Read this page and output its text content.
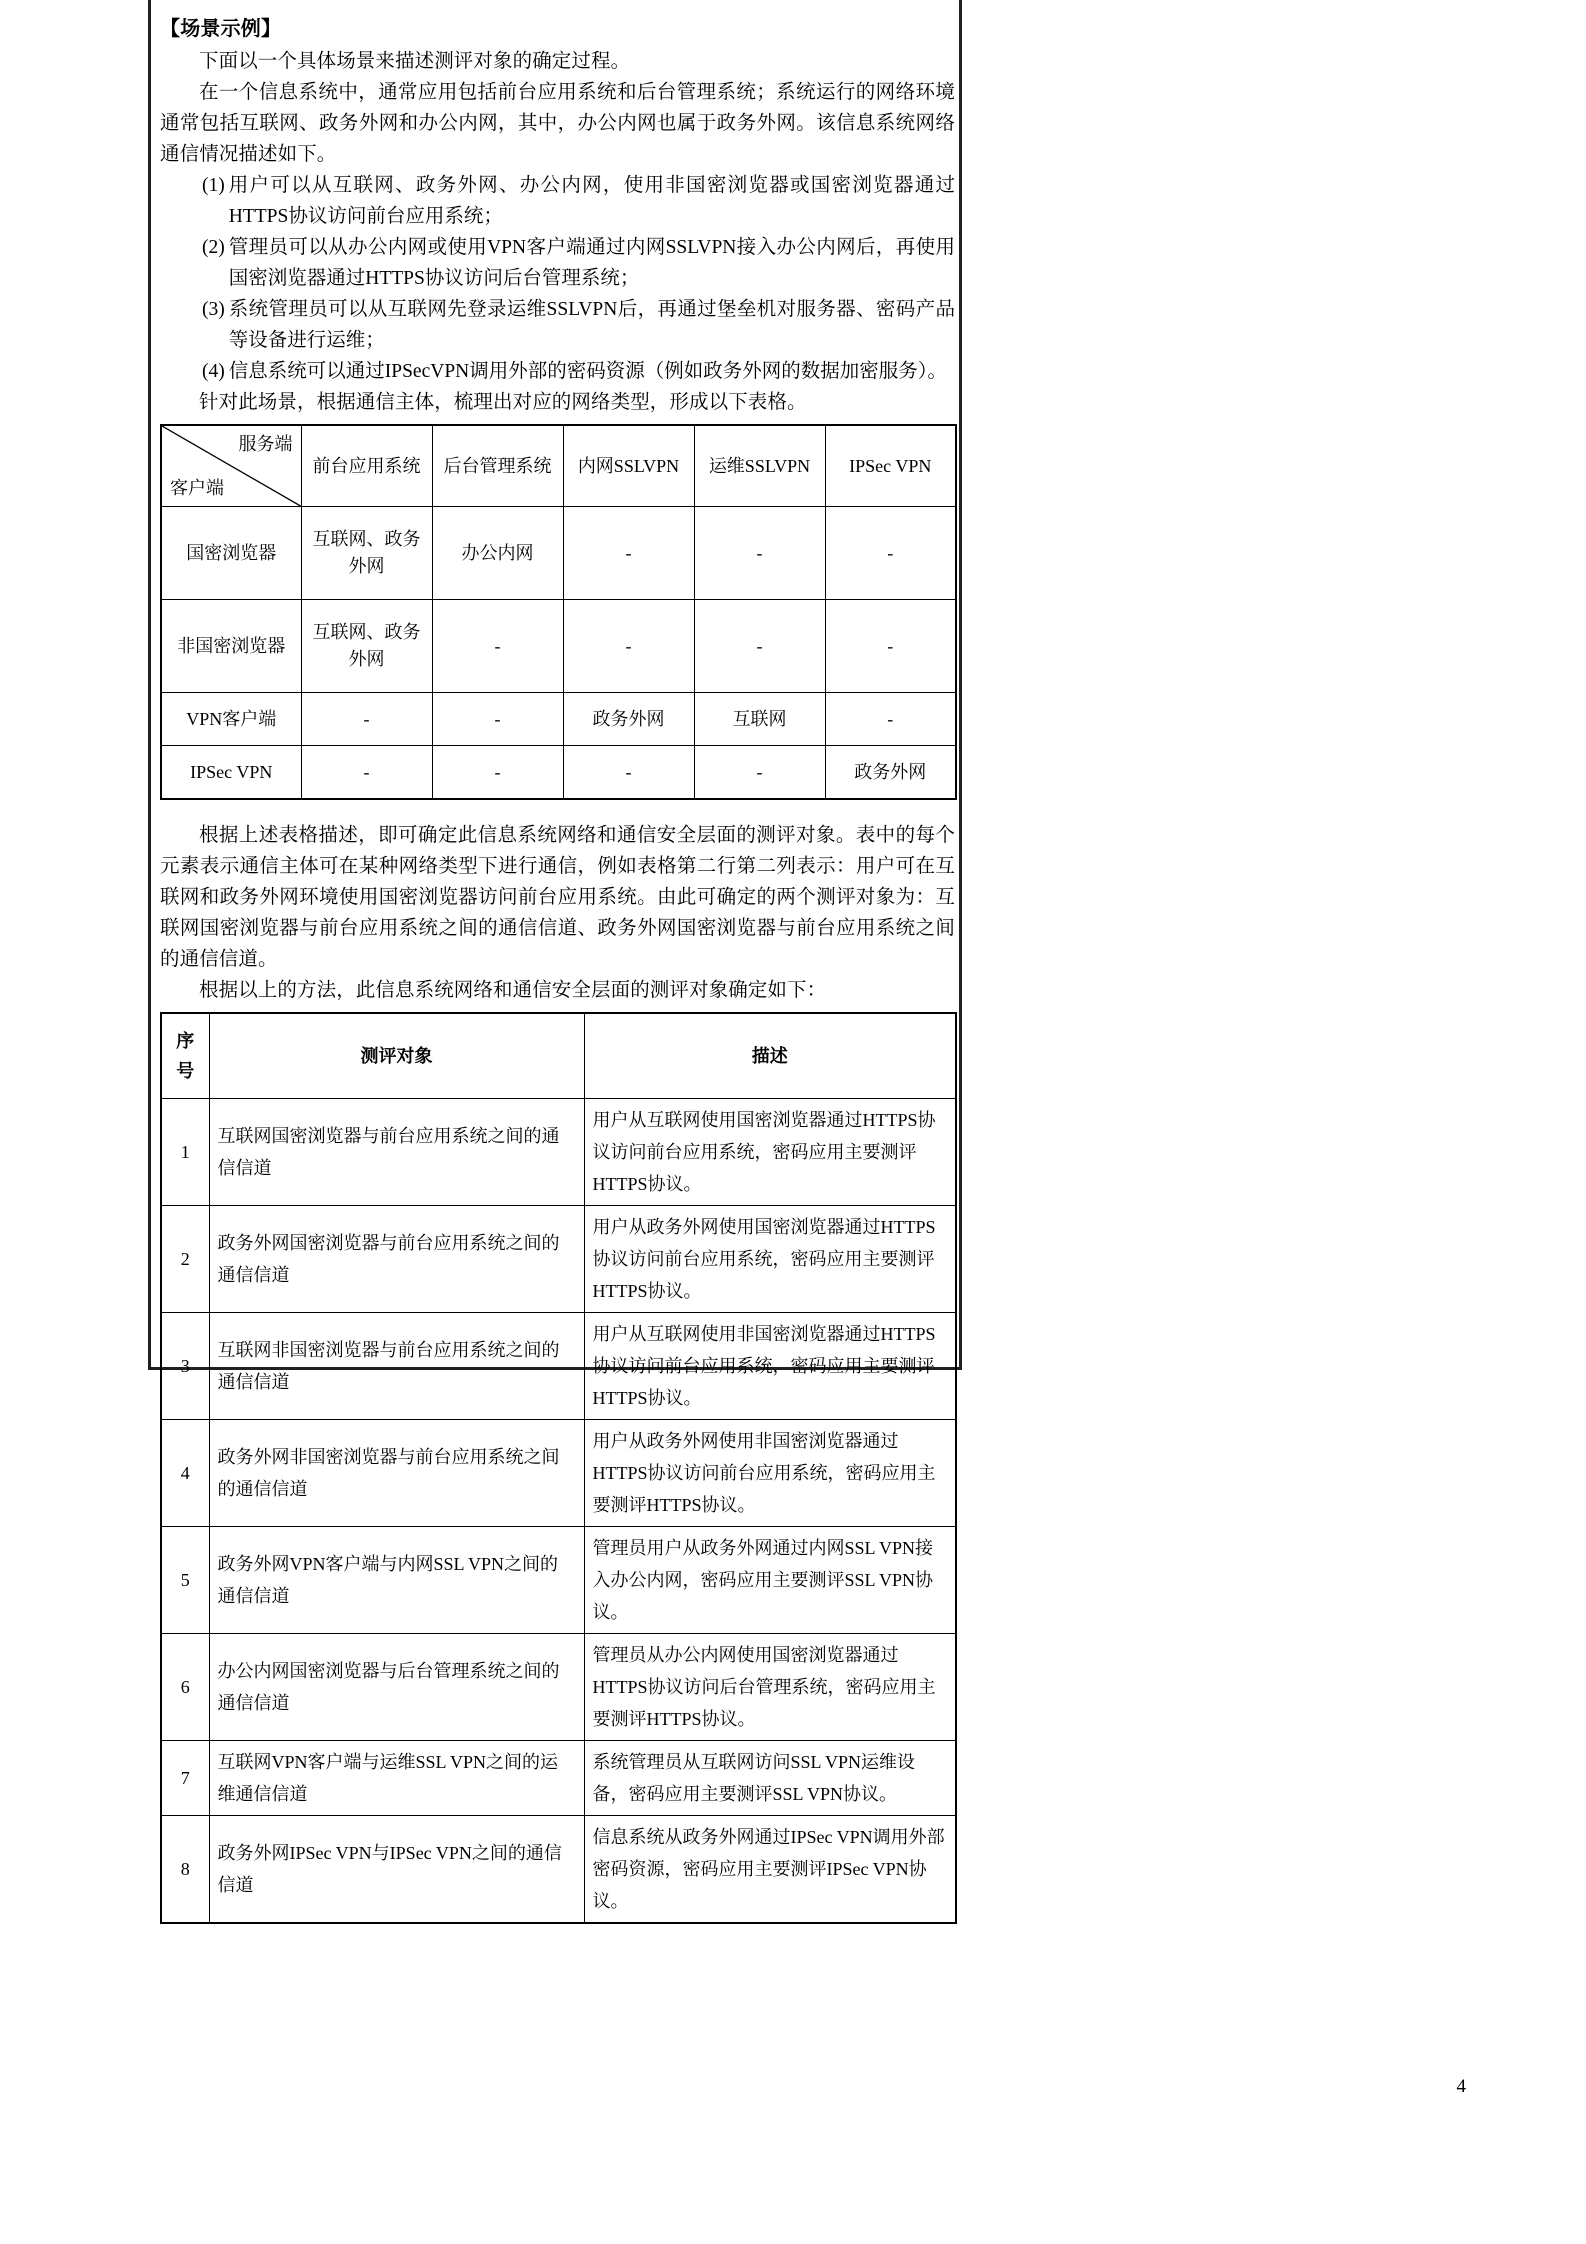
【场景示例】

下面以一个具体场景来描述测评对象的确定过程。

在一个信息系统中，通常应用包括前台应用系统和后台管理系统；系统运行的网络环境通常包括互联网、政务外网和办公内网，其中，办公内网也属于政务外网。该信息系统网络通信情况描述如下。

(1) 用户可以从互联网、政务外网、办公内网，使用非国密浏览器或国密浏览器通过HTTPS协议访问前台应用系统；
(2) 管理员可以从办公内网或使用VPN客户端通过内网SSLVPN接入办公内网后，再使用国密浏览器通过HTTPS协议访问后台管理系统；
(3) 系统管理员可以从互联网先登录运维SSLVPN后，再通过堡垒机对服务器、密码产品等设备进行运维；
(4) 信息系统可以通过IPSecVPN调用外部的密码资源（例如政务外网的数据加密服务）。

针对此场景，根据通信主体，梳理出对应的网络类型，形成以下表格。

服务端
客户端	前台应用系统	后台管理系统	内网SSLVPN	运维SSLVPN	IPSec VPN
国密浏览器	互联网、政务外网	办公内网	-	-	-
非国密浏览器	互联网、政务外网	-	-	-	-
VPN客户端	-	-	政务外网	互联网	-
IPSec VPN	-	-	-	-	政务外网

根据上述表格描述，即可确定此信息系统网络和通信安全层面的测评对象。表中的每个元素表示通信主体可在某种网络类型下进行通信，例如表格第二行第二列表示：用户可在互联网和政务外网环境使用国密浏览器访问前台应用系统。由此可确定的两个测评对象为：互联网国密浏览器与前台应用系统之间的通信信道、政务外网国密浏览器与前台应用系统之间的通信信道。

根据以上的方法，此信息系统网络和通信安全层面的测评对象确定如下：

序
号	测评对象	描述
1	互联网国密浏览器与前台应用系统之间的通信信道	用户从互联网使用国密浏览器通过HTTPS协议访问前台应用系统，密码应用主要测评HTTPS协议。
2	政务外网国密浏览器与前台应用系统之间的通信信道	用户从政务外网使用国密浏览器通过HTTPS协议访问前台应用系统，密码应用主要测评HTTPS协议。
3	互联网非国密浏览器与前台应用系统之间的通信信道	用户从互联网使用非国密浏览器通过HTTPS协议访问前台应用系统，密码应用主要测评HTTPS协议。
4	政务外网非国密浏览器与前台应用系统之间的通信信道	用户从政务外网使用非国密浏览器通过HTTPS协议访问前台应用系统，密码应用主要测评HTTPS协议。
5	政务外网VPN客户端与内网SSL VPN之间的通信信道	管理员用户从政务外网通过内网SSL VPN接入办公内网，密码应用主要测评SSL VPN协议。
6	办公内网国密浏览器与后台管理系统之间的通信信道	管理员从办公内网使用国密浏览器通过HTTPS协议访问后台管理系统，密码应用主要测评HTTPS协议。
7	互联网VPN客户端与运维SSL VPN之间的运维通信信道	系统管理员从互联网访问SSL VPN运维设备，密码应用主要测评SSL VPN协议。
8	政务外网IPSec VPN与IPSec VPN之间的通信信道	信息系统从政务外网通过IPSec VPN调用外部密码资源，密码应用主要测评IPSec VPN协议。
4
